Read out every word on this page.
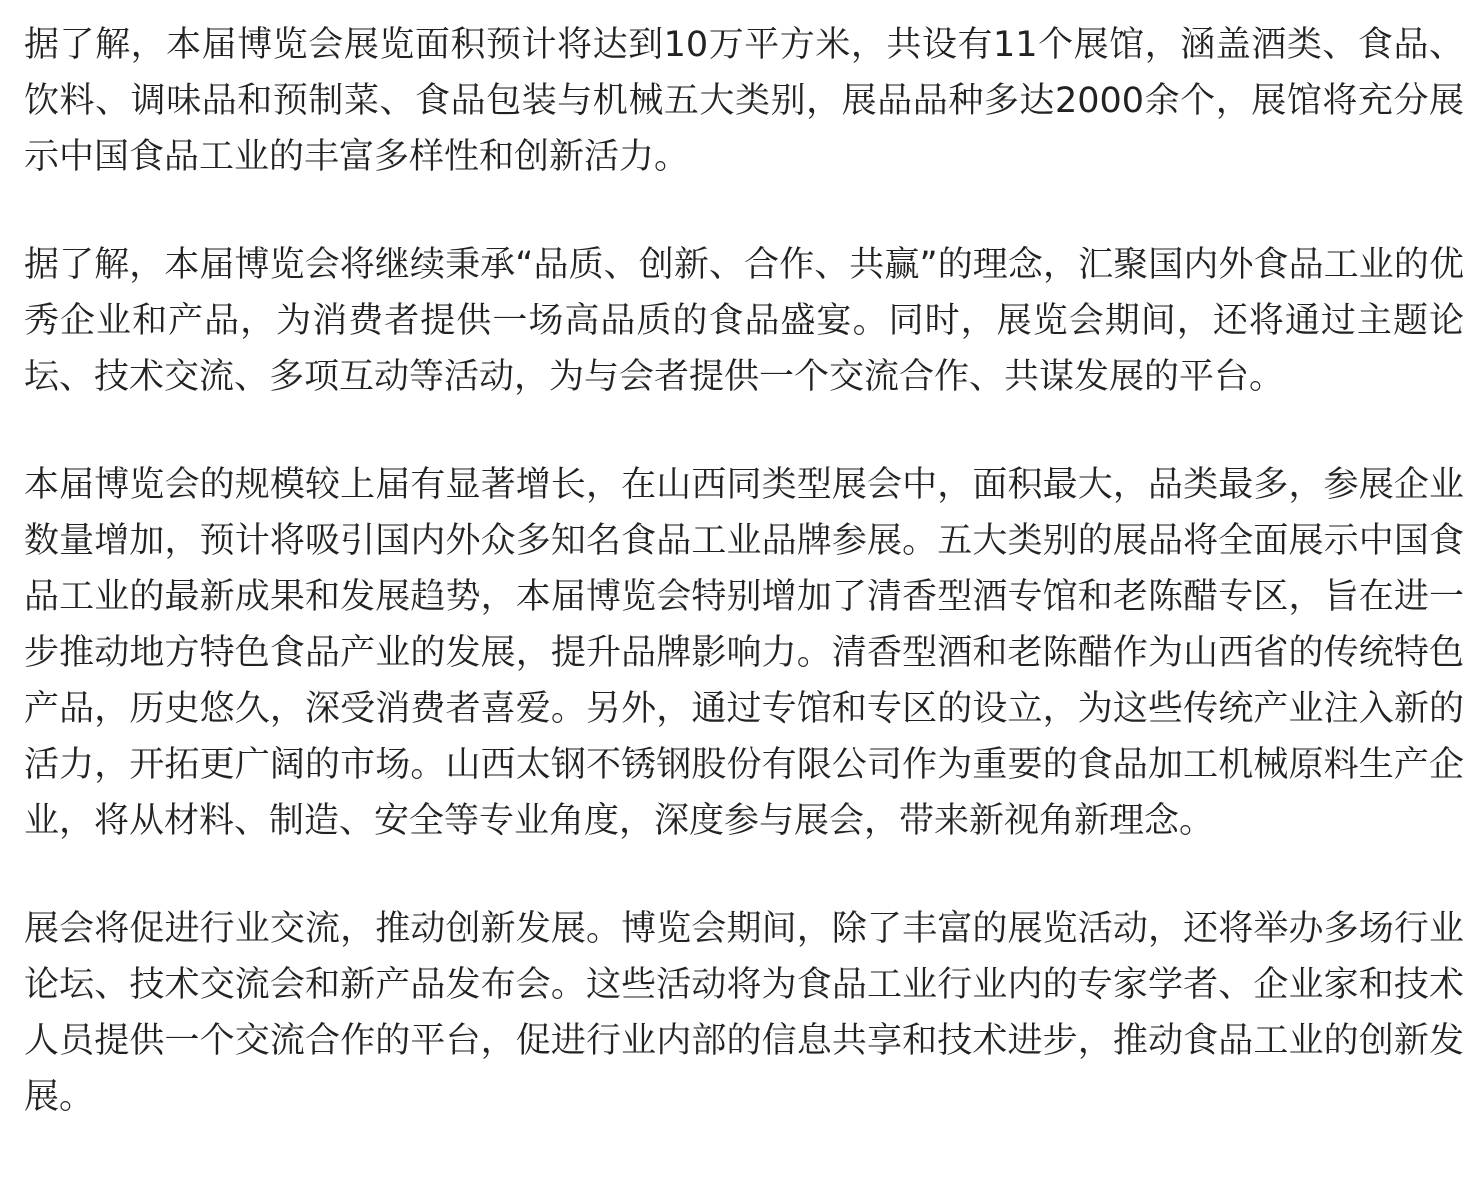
据了解，本届博览会展览面积预计将达到10万平方米，共设有11个展馆，涵盖酒类、食品、饮料、调味品和预制菜、食品包装与机械五大类别，展品品种多达2000余个，展馆将充分展示中国食品工业的丰富多样性和创新活力。

据了解，本届博览会将继续秉承“品质、创新、合作、共赢”的理念，汇聚国内外食品工业的优秀企业和产品，为消费者提供一场高品质的食品盛宴。同时，展览会期间，还将通过主题论坛、技术交流、多项互动等活动，为与会者提供一个交流合作、共谋发展的平台。

本届博览会的规模较上届有显著增长，在山西同类型展会中，面积最大，品类最多，参展企业数量增加，预计将吸引国内外众多知名食品工业品牌参展。五大类别的展品将全面展示中国食品工业的最新成果和发展趋势，本届博览会特别增加了清香型酒专馆和老陈醋专区，旨在进一步推动地方特色食品产业的发展，提升品牌影响力。清香型酒和老陈醋作为山西省的传统特色产品，历史悠久，深受消费者喜爱。另外，通过专馆和专区的设立，为这些传统产业注入新的活力，开拓更广阔的市场。山西太钢不锈钢股份有限公司作为重要的食品加工机械原料生产企业，将从材料、制造、安全等专业角度，深度参与展会，带来新视角新理念。

展会将促进行业交流，推动创新发展。博览会期间，除了丰富的展览活动，还将举办多场行业论坛、技术交流会和新产品发布会。这些活动将为食品工业行业内的专家学者、企业家和技术人员提供一个交流合作的平台，促进行业内部的信息共享和技术进步，推动食品工业的创新发展。
